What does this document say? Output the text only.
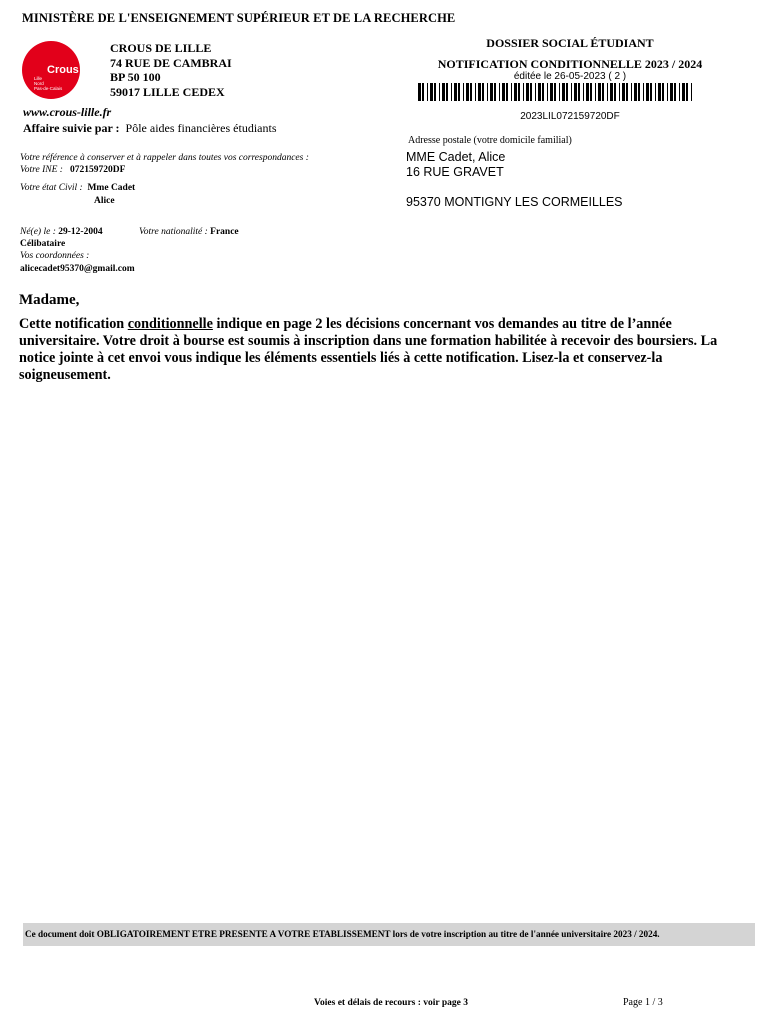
MINISTÈRE DE L'ENSEIGNEMENT SUPÉRIEUR ET DE LA RECHERCHE
Crous
Lille
Nord
Pas-de-Calais
CROUS DE LILLE
74 RUE DE CAMBRAI
BP 50 100
59017 LILLE CEDEX
www.crous-lille.fr
Affaire suivie par : Pôle aides financières étudiants
DOSSIER SOCIAL ÉTUDIANT
NOTIFICATION CONDITIONNELLE 2023 / 2024
éditée le 26-05-2023 ( 2 )
2023LIL072159720DF
Adresse postale (votre domicile familial)
MME Cadet, Alice
16 RUE GRAVET

95370 MONTIGNY LES CORMEILLES
Votre référence à conserver et à rappeler dans toutes vos correspondances :
Votre INE : 072159720DF
Votre état Civil : Mme Cadet
Alice
Né(e) le : 29-12-2004	Votre nationalité : France
Célibataire
Vos coordonnées :
alicecadet95370@gmail.com
Madame,
Cette notification conditionnelle indique en page 2 les décisions concernant vos demandes au titre de l’année universitaire. Votre droit à bourse est soumis à inscription dans une formation habilitée à recevoir des boursiers. La notice jointe à cet envoi vous indique les éléments essentiels liés à cette notification. Lisez-la et conservez-la soigneusement.
Ce document doit OBLIGATOIREMENT ETRE PRESENTE A VOTRE ETABLISSEMENT lors de votre inscription au titre de l'année universitaire 2023 / 2024.
Voies et délais de recours : voir page 3	Page 1 / 3
